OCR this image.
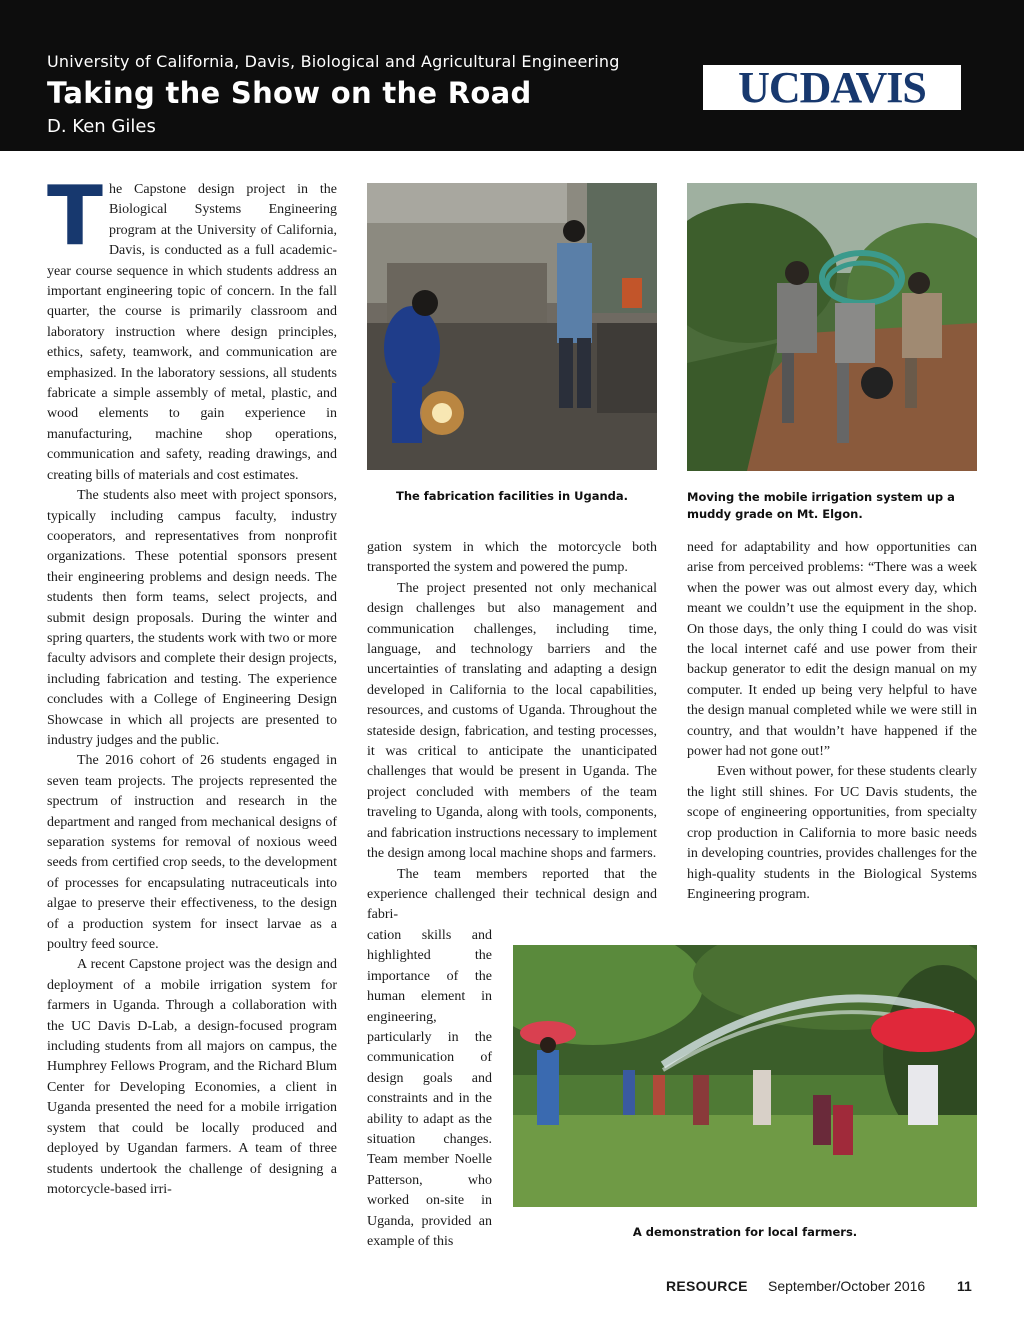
University of California, Davis, Biological and Agricultural Engineering
Taking the Show on the Road
D. Ken Giles
UCDAVIS

The Capstone design project in the Biological Systems Engineering program at the University of California, Davis, is conducted as a full academic-year course sequence in which students address an important engineering topic of concern. In the fall quarter, the course is primarily classroom and laboratory instruction where design principles, ethics, safety, teamwork, and communication are emphasized. In the laboratory sessions, all students fabricate a simple assembly of metal, plastic, and wood elements to gain experience in manufacturing, machine shop operations, communication and safety, reading drawings, and creating bills of materials and cost estimates.

The students also meet with project sponsors, typically including campus faculty, industry cooperators, and representatives from nonprofit organizations. These potential sponsors present their engineering problems and design needs. The students then form teams, select projects, and submit design proposals. During the winter and spring quarters, the students work with two or more faculty advisors and complete their design projects, including fabrication and testing. The experience concludes with a College of Engineering Design Showcase in which all projects are presented to industry judges and the public.

The 2016 cohort of 26 students engaged in seven team projects. The projects represented the spectrum of instruction and research in the department and ranged from mechanical designs of separation systems for removal of noxious weed seeds from certified crop seeds, to the development of processes for encapsulating nutraceuticals into algae to preserve their effectiveness, to the design of a production system for insect larvae as a poultry feed source.

A recent Capstone project was the design and deployment of a mobile irrigation system for farmers in Uganda. Through a collaboration with the UC Davis D-Lab, a design-focused program including students from all majors on campus, the Humphrey Fellows Program, and the Richard Blum Center for Developing Economies, a client in Uganda presented the need for a mobile irrigation system that could be locally produced and deployed by Ugandan farmers. A team of three students undertook the challenge of designing a motorcycle-based irri-

The fabrication facilities in Uganda.	Moving the mobile irrigation system up a muddy grade on Mt. Elgon.

gation system in which the motorcycle both transported the system and powered the pump.

The project presented not only mechanical design challenges but also management and communication challenges, including time, language, and technology barriers and the uncertainties of translating and adapting a design developed in California to the local capabilities, resources, and customs of Uganda. Throughout the stateside design, fabrication, and testing processes, it was critical to anticipate the unanticipated challenges that would be present in Uganda. The project concluded with members of the team traveling to Uganda, along with tools, components, and fabrication instructions necessary to implement the design among local machine shops and farmers.

The team members reported that the experience challenged their technical design and fabri-

cation skills and highlighted the importance of the human element in engineering, particularly in the communication of design goals and constraints and in the ability to adapt as the situation changes. Team member Noelle Patterson, who worked on-site in Uganda, provided an example of this

need for adaptability and how opportunities can arise from perceived problems: “There was a week when the power was out almost every day, which meant we couldn’t use the equipment in the shop. On those days, the only thing I could do was visit the local internet café and use power from their backup generator to edit the design manual on my computer. It ended up being very helpful to have the design manual completed while we were still in country, and that wouldn’t have happened if the power had not gone out!”

Even without power, for these students clearly the light still shines. For UC Davis students, the scope of engineering opportunities, from specialty crop production in California to more basic needs in developing countries, provides challenges for the high-quality students in the Biological Systems Engineering program.

A demonstration for local farmers.
RESOURCE September/October 2016 11
